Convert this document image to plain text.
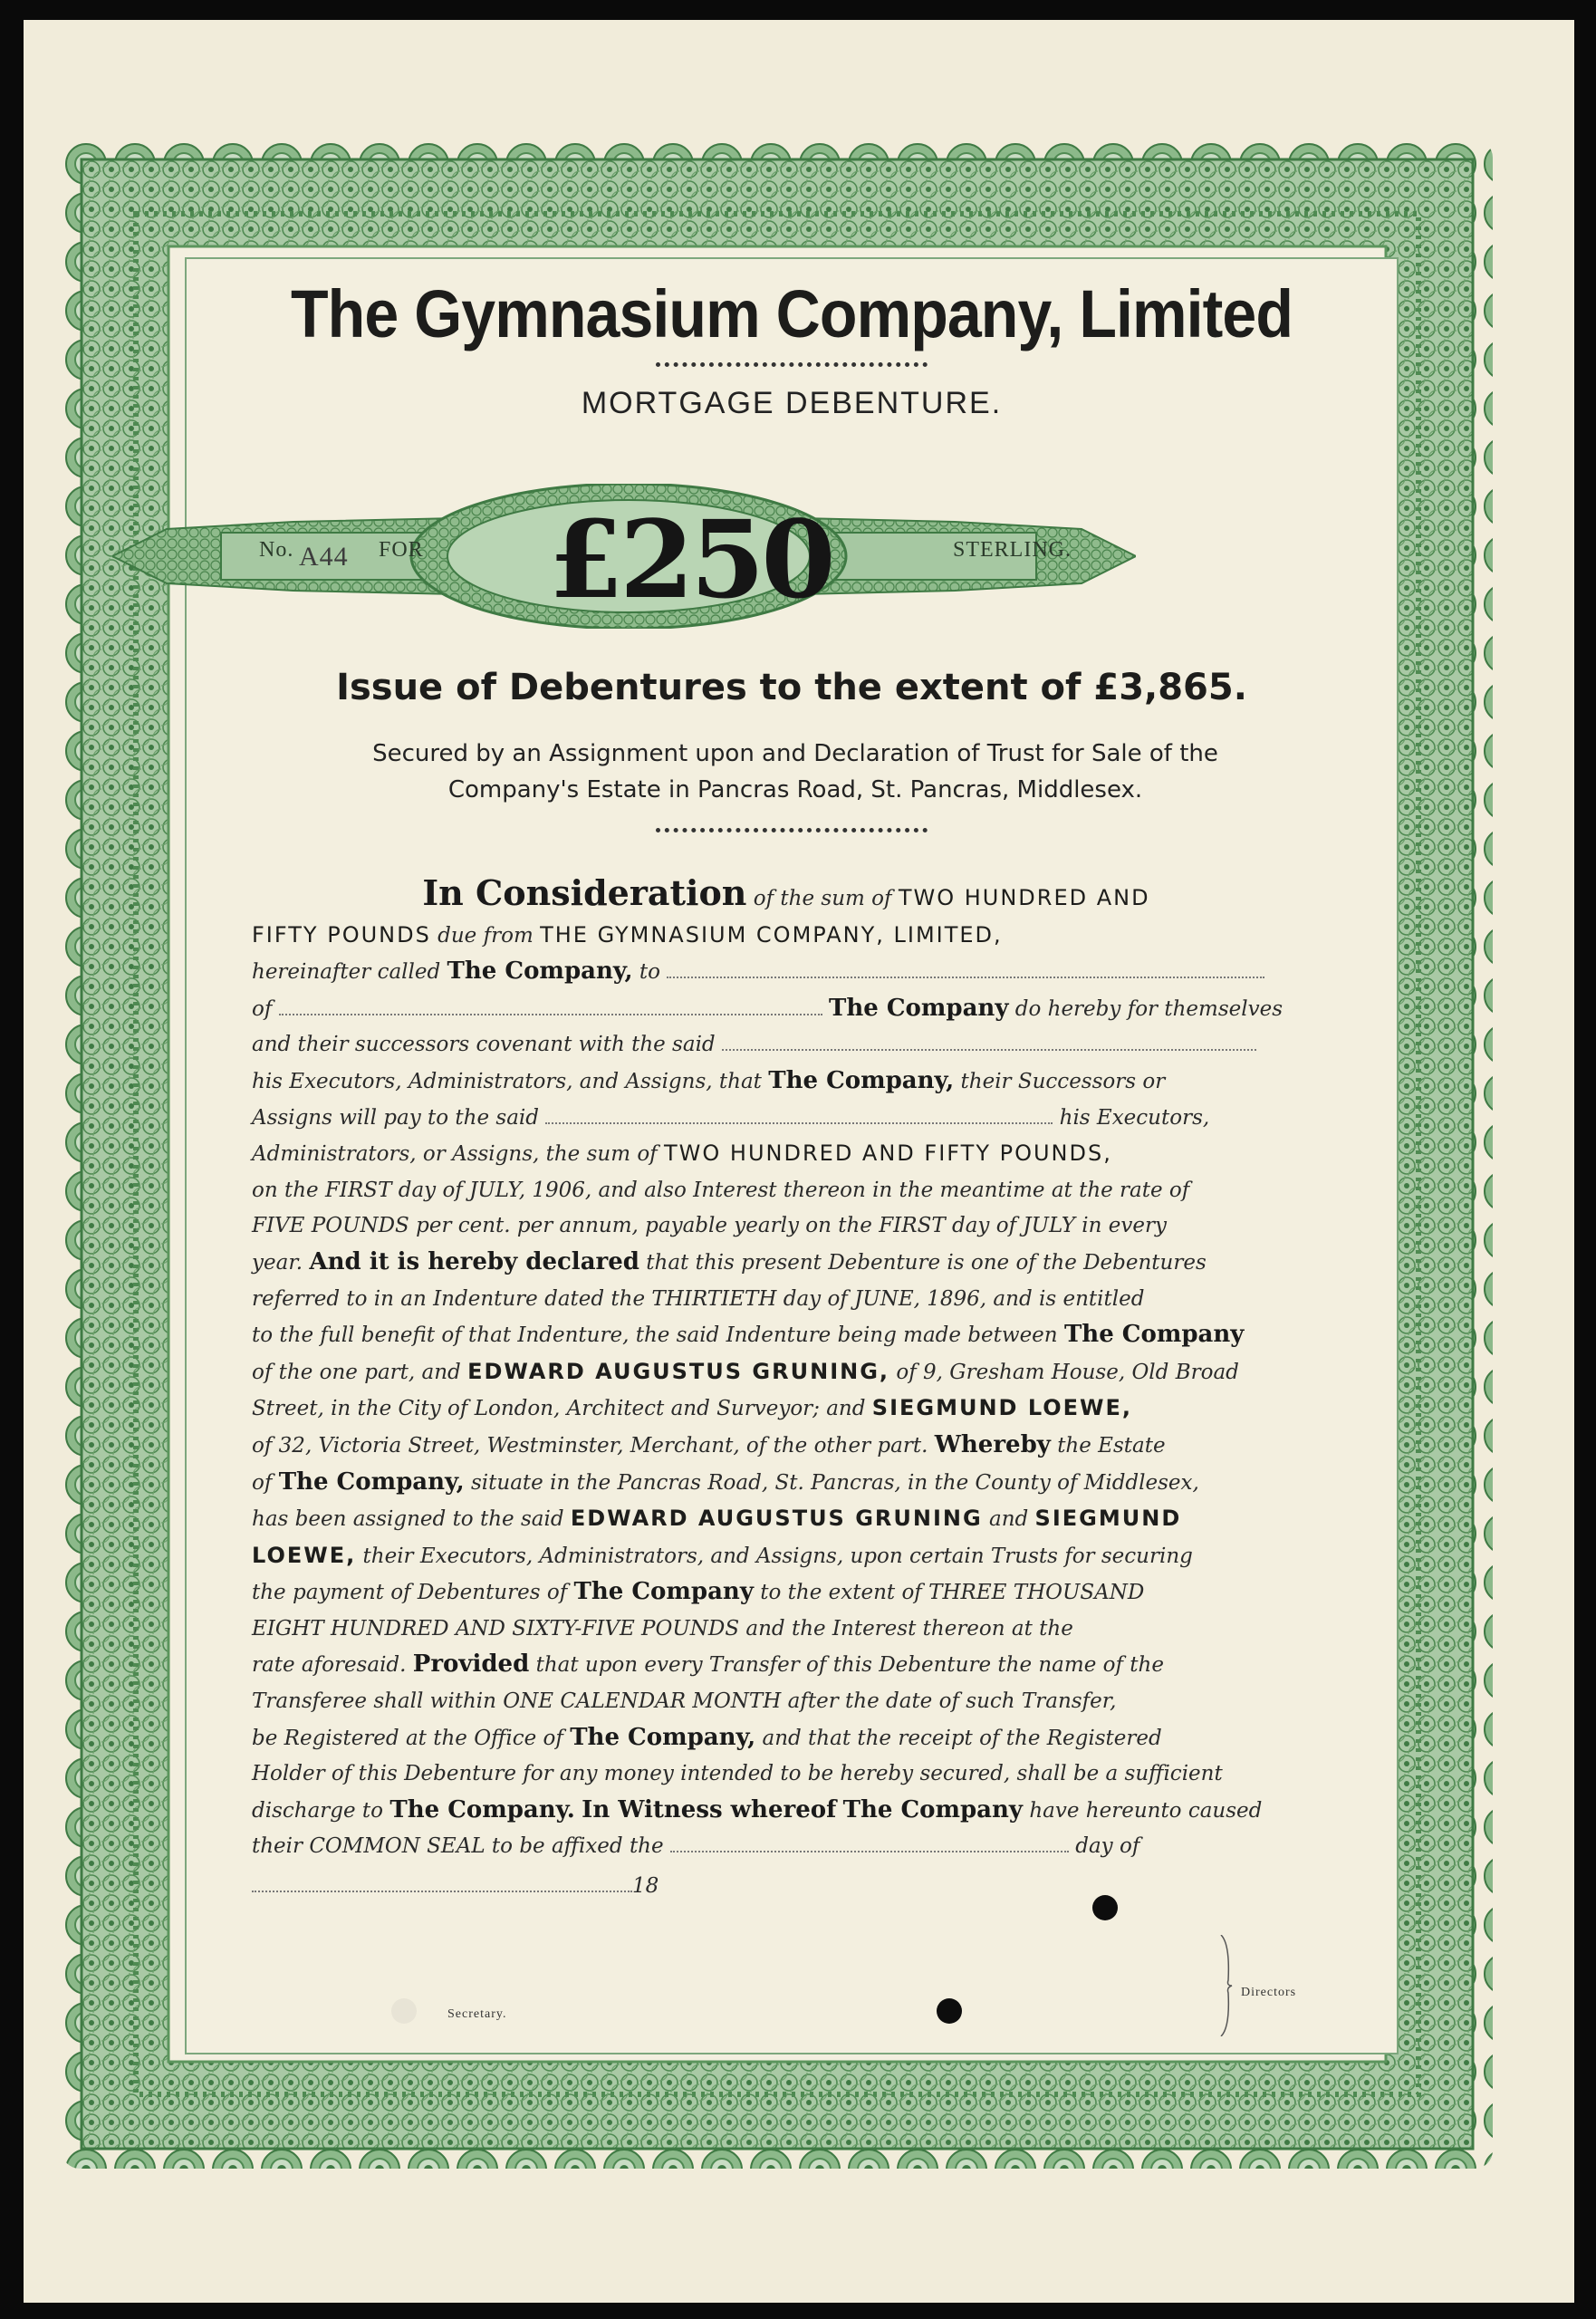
The Gymnasium Company, Limited
MORTGAGE DEBENTURE.
No. A44 FOR £250	STERLING.
Issue of Debentures to the extent of £3,865.
Secured by an Assignment upon and Declaration of Trust for Sale of the
Company's Estate in Pancras Road, St. Pancras, Middlesex.
In Consideration of the sum of TWO HUNDRED AND
FIFTY POUNDS due from THE GYMNASIUM COMPANY, LIMITED,
hereinafter called The Company, to
of	The Company do hereby for themselves
and their successors covenant with the said
his Executors, Administrators, and Assigns, that The Company, their Successors or
Assigns will pay to the said	his Executors,
Administrators, or Assigns, the sum of TWO HUNDRED AND FIFTY POUNDS,
on the FIRST day of JULY, 1906, and also Interest thereon in the meantime at the rate of
FIVE POUNDS per cent. per annum, payable yearly on the FIRST day of JULY in every
year. And it is hereby declared that this present Debenture is one of the Debentures
referred to in an Indenture dated the THIRTIETH day of JUNE, 1896, and is entitled
to the full benefit of that Indenture, the said Indenture being made between The Company
of the one part, and EDWARD AUGUSTUS GRUNING, of 9, Gresham House, Old Broad
Street, in the City of London, Architect and Surveyor; and SIEGMUND LOEWE,
of 32, Victoria Street, Westminster, Merchant, of the other part. Whereby the Estate
of The Company, situate in the Pancras Road, St. Pancras, in the County of Middlesex,
has been assigned to the said EDWARD AUGUSTUS GRUNING and SIEGMUND
LOEWE, their Executors, Administrators, and Assigns, upon certain Trusts for securing
the payment of Debentures of The Company to the extent of THREE THOUSAND
EIGHT HUNDRED AND SIXTY-FIVE POUNDS and the Interest thereon at the
rate aforesaid. Provided that upon every Transfer of this Debenture the name of the
Transferee shall within ONE CALENDAR MONTH after the date of such Transfer,
be Registered at the Office of The Company, and that the receipt of the Registered
Holder of this Debenture for any money intended to be hereby secured, shall be a sufficient
discharge to The Company. In Witness whereof The Company have hereunto caused
their COMMON SEAL to be affixed the	day of
18
Secretary.
Directors
